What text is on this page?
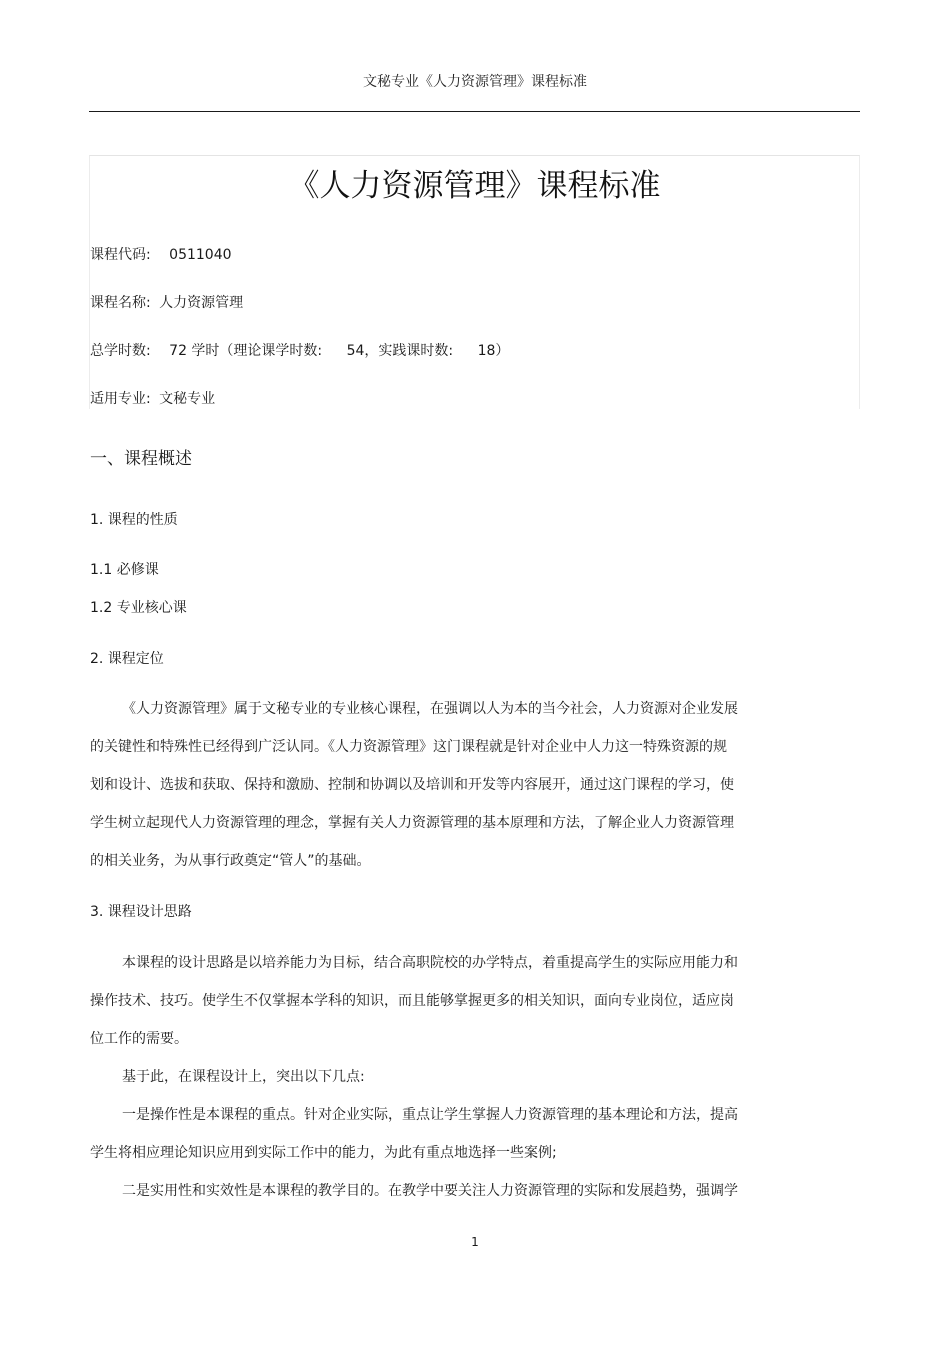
文秘专业《人力资源管理》课程标准
《人力资源管理》课程标准
课程代码: 0511040
课程名称: 人力资源管理
总学时数: 72 学时（理论课学时数: 54，实践课时数: 18）
适用专业: 文秘专业
一、课程概述
1. 课程的性质
1.1 必修课
1.2 专业核心课
2. 课程定位
《人力资源管理》属于文秘专业的专业核心课程，在强调以人为本的当今社会，人力资源对企业发展
的关键性和特殊性已经得到广泛认同。《人力资源管理》这门课程就是针对企业中人力这一特殊资源的规
划和设计、选拔和获取、保持和激励、控制和协调以及培训和开发等内容展开，通过这门课程的学习，使
学生树立起现代人力资源管理的理念，掌握有关人力资源管理的基本原理和方法，了解企业人力资源管理
的相关业务，为从事行政奠定“管人”的基础。
3. 课程设计思路
本课程的设计思路是以培养能力为目标，结合高职院校的办学特点，着重提高学生的实际应用能力和
操作技术、技巧。使学生不仅掌握本学科的知识，而且能够掌握更多的相关知识，面向专业岗位，适应岗
位工作的需要。
基于此，在课程设计上，突出以下几点:
一是操作性是本课程的重点。针对企业实际，重点让学生掌握人力资源管理的基本理论和方法，提高
学生将相应理论知识应用到实际工作中的能力，为此有重点地选择一些案例;
二是实用性和实效性是本课程的教学目的。在教学中要关注人力资源管理的实际和发展趋势，强调学
1
